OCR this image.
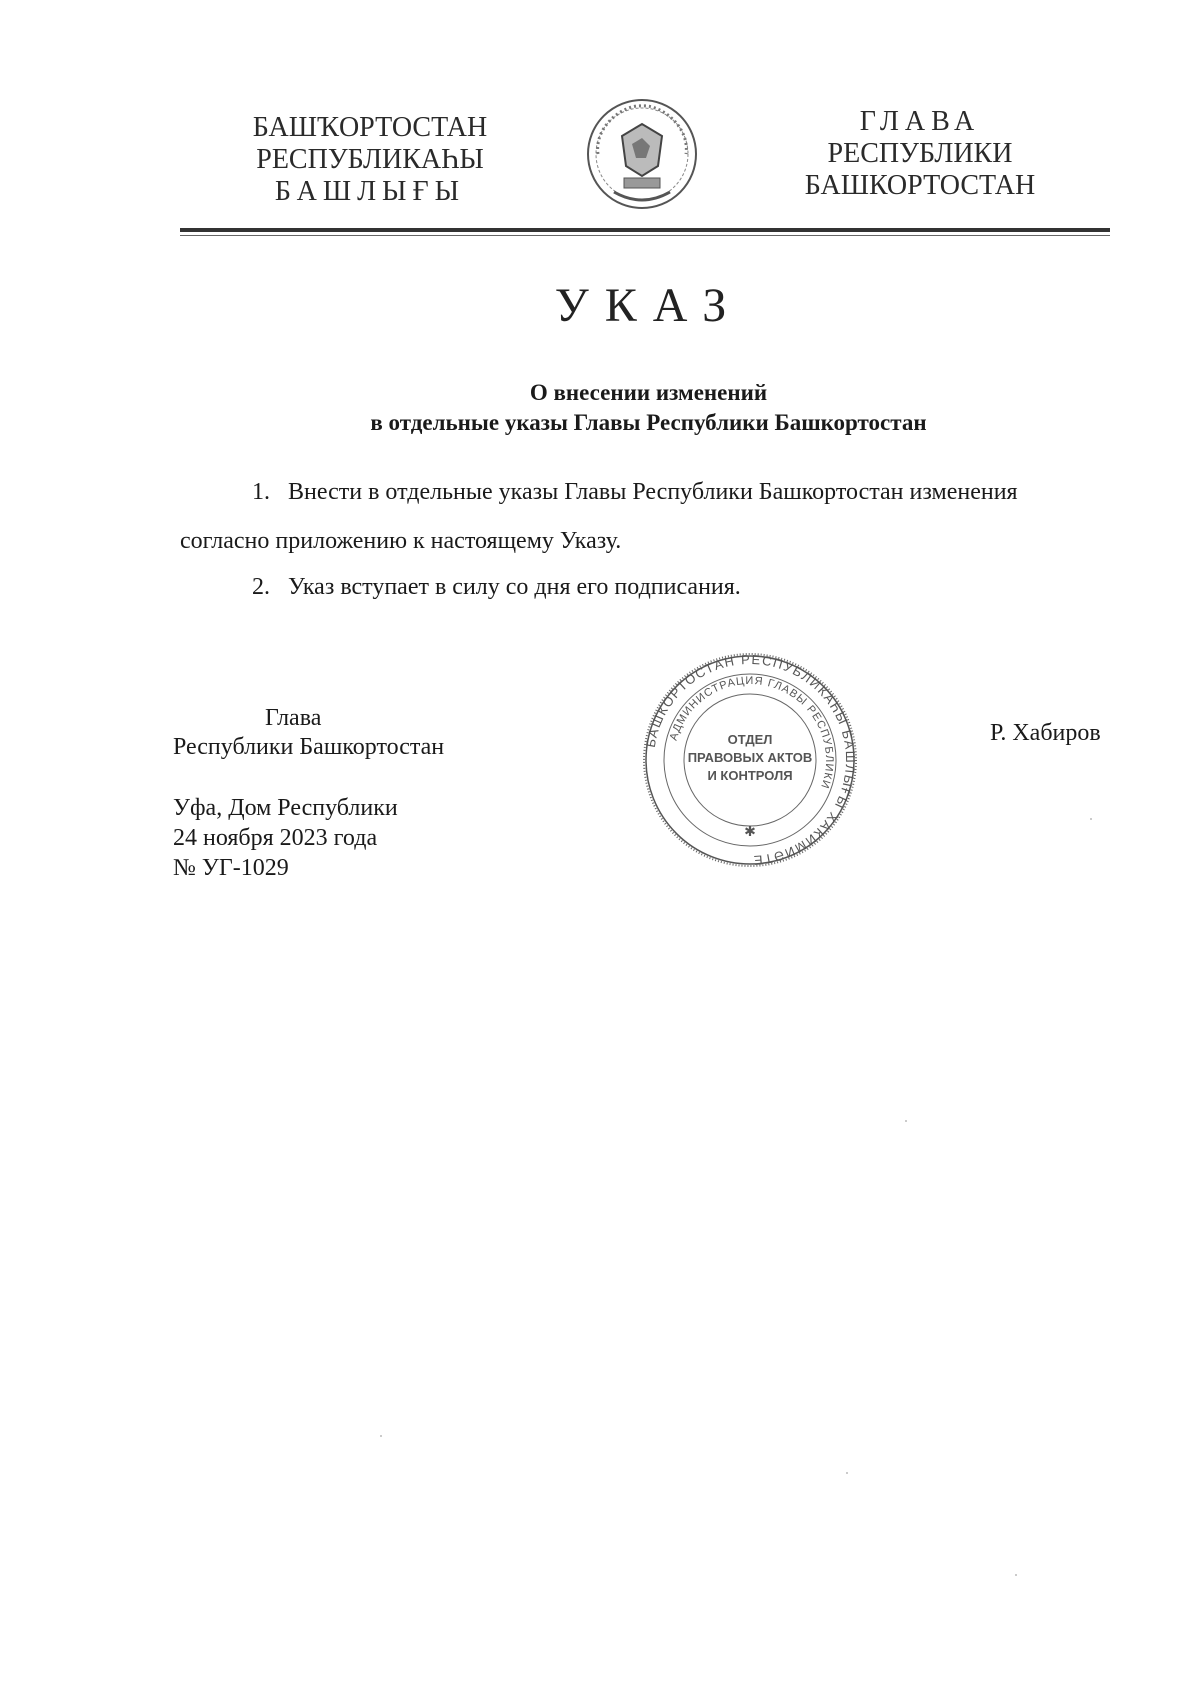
БАШҠОРТОСТАН
РЕСПУБЛИКАҺЫ
БАШЛЫҒЫ
ГЛАВА
РЕСПУБЛИКИ
БАШКОРТОСТАН
УКАЗ
О внесении изменений
в отдельные указы Главы Республики Башкортостан
1. Внести в отдельные указы Главы Республики Башкортостан изменения
согласно приложению к настоящему Указу.
2. Указ вступает в силу со дня его подписания.
Глава
Республики Башкортостан
Р. Хабиров
БАШКОРТОСТАН РЕСПУБЛИКАҺЫ БАШЛЫҒЫ ХАКИМИӘТЕ
АДМИНИСТРАЦИЯ ГЛАВЫ РЕСПУБЛИКИ
ОТДЕЛ
ПРАВОВЫХ АКТОВ
И КОНТРОЛЯ
✱
Уфа, Дом Республики
24 ноября 2023 года
№ УГ-1029
